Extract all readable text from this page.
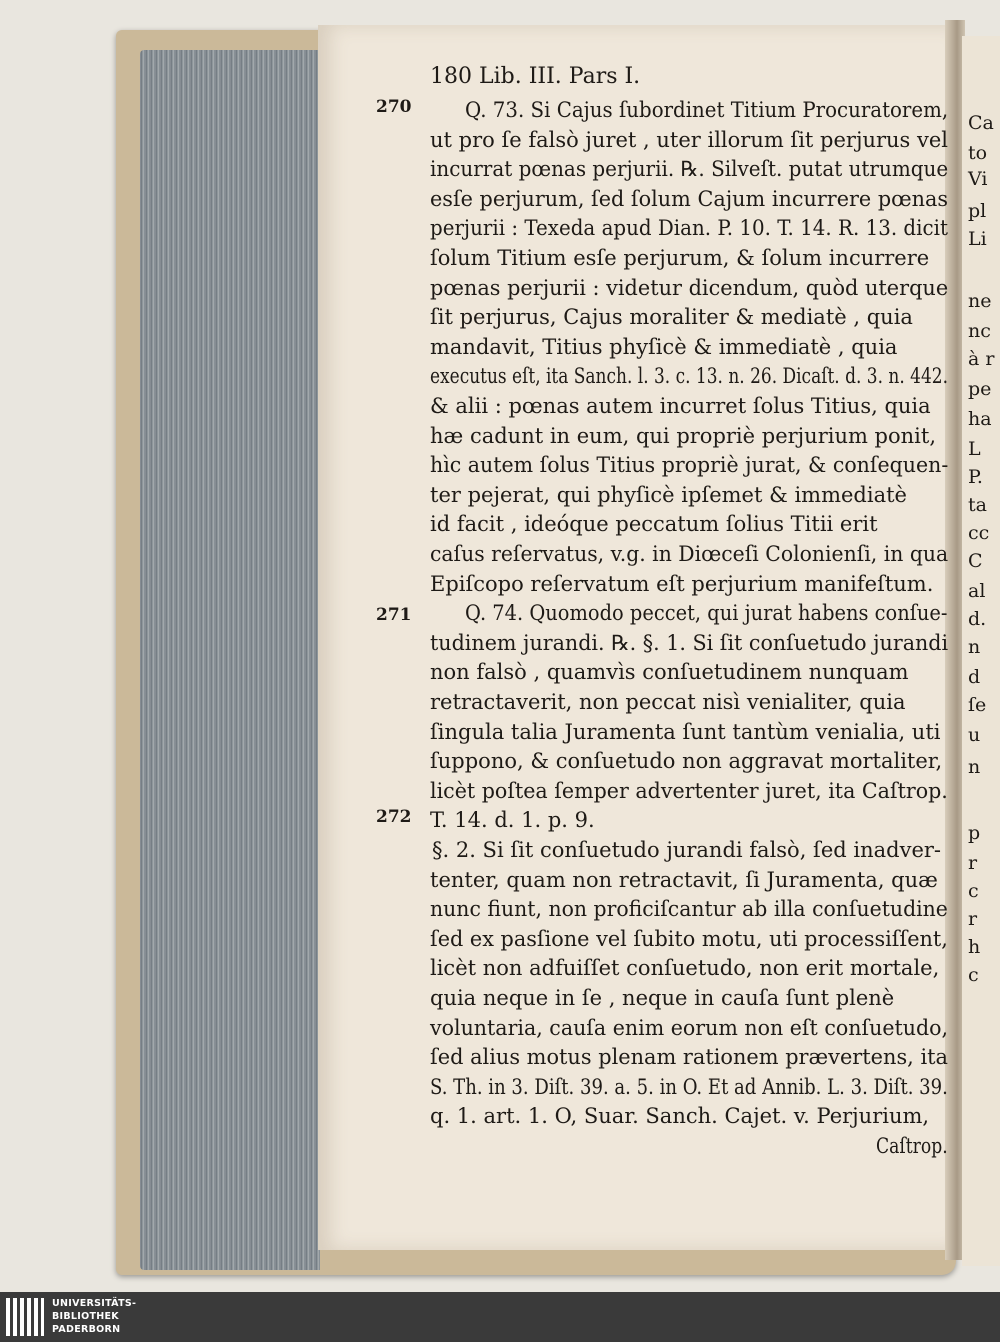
180 Lib. III. Pars I.
270
271
272
Q. 73. Si Cajus ſubordinet Titium Procuratorem,
ut pro ſe falsò juret , uter illorum ſit perjurus vel
incurrat pœnas perjurii. ℞. Silveſt. putat utrumque
esſe perjurum, ſed ſolum Cajum incurrere pœnas
perjurii : Texeda apud Dian. P. 10. T. 14. R. 13. dicit
ſolum Titium esſe perjurum, & ſolum incurrere
pœnas perjurii : videtur dicendum, quòd uterque
ſit perjurus, Cajus moraliter & mediatè , quia
mandavit, Titius phyſicè & immediatè , quia
executus eſt, ita Sanch. l. 3. c. 13. n. 26. Dicaſt. d. 3. n. 442.
& alii : pœnas autem incurret ſolus Titius, quia
hæ cadunt in eum, qui propriè perjurium ponit,
hìc autem ſolus Titius propriè jurat, & conſequen-
ter pejerat, qui phyſicè ipſemet & immediatè
id facit , ideóque peccatum ſolius Titii erit
caſus reſervatus, v.g. in Diœceſi Colonienſi, in qua
Epiſcopo reſervatum eſt perjurium manifeſtum.
Q. 74. Quomodo peccet, qui jurat habens conſue-
tudinem jurandi. ℞. §. 1. Si ſit conſuetudo jurandi
non falsò , quamvìs conſuetudinem nunquam
retractaverit, non peccat nisì venialiter, quia
ſingula talia Juramenta ſunt tantùm venialia, uti
ſuppono, & conſuetudo non aggravat mortaliter,
licèt poſtea ſemper advertenter juret, ita Caſtrop.
T. 14. d. 1. p. 9.
§. 2. Si ſit conſuetudo jurandi falsò, ſed inadver-
tenter, quam non retractavit, ſi Juramenta, quæ
nunc fiunt, non proficiſcantur ab illa conſuetudine
ſed ex pasſione vel ſubito motu, uti processiſſent,
licèt non adfuiſſet conſuetudo, non erit mortale,
quia neque in ſe , neque in cauſa ſunt plenè
voluntaria, cauſa enim eorum non eſt conſuetudo,
ſed alius motus plenam rationem prævertens, ita
S. Th. in 3. Diſt. 39. a. 5. in O. Et ad Annib. L. 3. Diſt. 39.
q. 1. art. 1. O, Suar. Sanch. Cajet. v. Perjurium,
Caſtrop.
Ca
to
Vi
pl
Li
ne
nc
à r
pe
ha
L
P.
ta
cc
C
al
d.
n
d
ſe
u
n
p
r
c
r
h
c
UNIVERSITÄTS-
BIBLIOTHEK
PADERBORN
